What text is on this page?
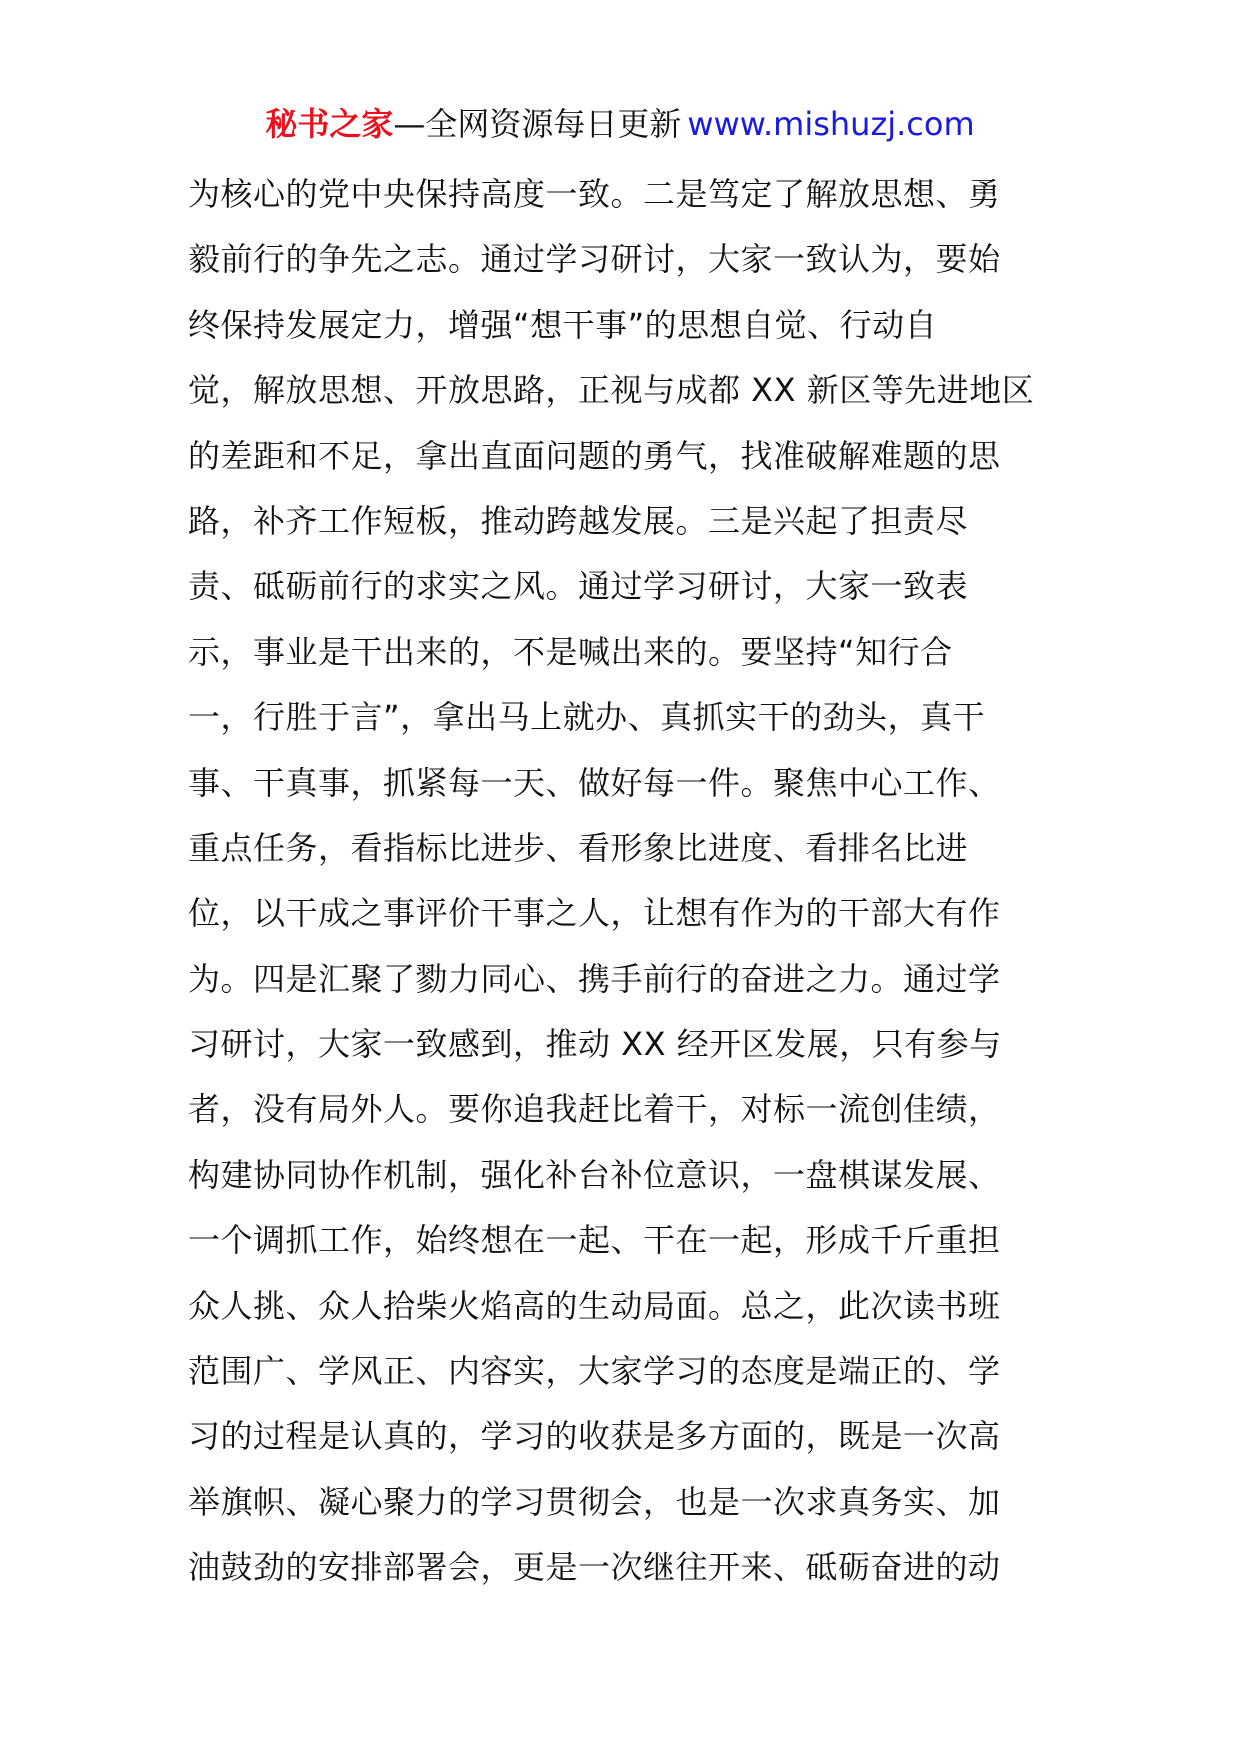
秘书之家—全网资源每日更新 www.mishuzj.com
为核心的党中央保持高度一致。二是笃定了解放思想、勇
毅前行的争先之志。通过学习研讨，大家一致认为，要始
终保持发展定力，增强“想干事”的思想自觉、行动自
觉，解放思想、开放思路，正视与成都 XX 新区等先进地区
的差距和不足，拿出直面问题的勇气，找准破解难题的思
路，补齐工作短板，推动跨越发展。三是兴起了担责尽
责、砥砺前行的求实之风。通过学习研讨，大家一致表
示，事业是干出来的，不是喊出来的。要坚持“知行合
一，行胜于言”，拿出马上就办、真抓实干的劲头，真干
事、干真事，抓紧每一天、做好每一件。聚焦中心工作、
重点任务，看指标比进步、看形象比进度、看排名比进
位，以干成之事评价干事之人，让想有作为的干部大有作
为。四是汇聚了勠力同心、携手前行的奋进之力。通过学
习研讨，大家一致感到，推动 XX 经开区发展，只有参与
者，没有局外人。要你追我赶比着干，对标一流创佳绩，
构建协同协作机制，强化补台补位意识，一盘棋谋发展、
一个调抓工作，始终想在一起、干在一起，形成千斤重担
众人挑、众人拾柴火焰高的生动局面。总之，此次读书班
范围广、学风正、内容实，大家学习的态度是端正的、学
习的过程是认真的，学习的收获是多方面的，既是一次高
举旗帜、凝心聚力的学习贯彻会，也是一次求真务实、加
油鼓劲的安排部署会，更是一次继往开来、砥砺奋进的动
